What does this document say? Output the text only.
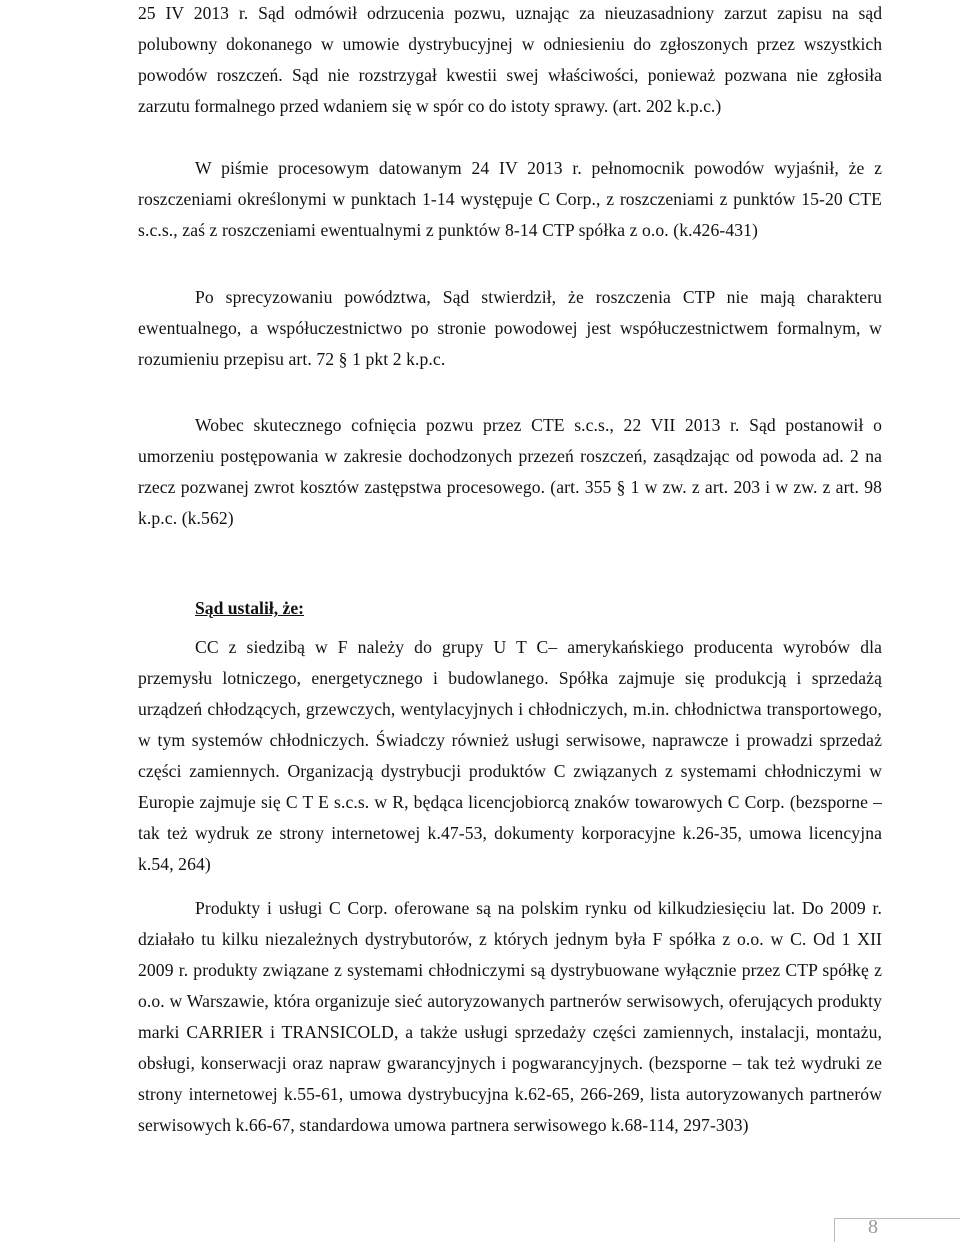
25 IV 2013 r. Sąd odmówił odrzucenia pozwu, uznając za nieuzasadniony zarzut zapisu na sąd polubowny dokonanego w umowie dystrybucyjnej w odniesieniu do zgłoszonych przez wszystkich powodów roszczeń. Sąd nie rozstrzygał kwestii swej właściwości, ponieważ pozwana nie zgłosiła zarzutu formalnego przed wdaniem się w spór co do istoty sprawy. (art. 202 k.p.c.)

W piśmie procesowym datowanym 24 IV 2013 r. pełnomocnik powodów wyjaśnił, że z roszczeniami określonymi w punktach 1-14 występuje C Corp., z roszczeniami z punktów 15-20 CTE s.c.s., zaś z roszczeniami ewentualnymi z punktów 8-14 CTP spółka z o.o. (k.426-431)

Po sprecyzowaniu powództwa, Sąd stwierdził, że roszczenia CTP nie mają charakteru ewentualnego, a współuczestnictwo po stronie powodowej jest współuczestnictwem formalnym, w rozumieniu przepisu art. 72 § 1 pkt 2 k.p.c.

Wobec skutecznego cofnięcia pozwu przez CTE s.c.s., 22 VII 2013 r. Sąd postanowił o umorzeniu postępowania w zakresie dochodzonych przezeń roszczeń, zasądzając od powoda ad. 2 na rzecz pozwanej zwrot kosztów zastępstwa procesowego. (art. 355 § 1 w zw. z art. 203 i w zw. z art. 98 k.p.c. (k.562)

Sąd ustalił, że:

CC z siedzibą w F należy do grupy U T C– amerykańskiego producenta wyrobów dla przemysłu lotniczego, energetycznego i budowlanego. Spółka zajmuje się produkcją i sprzedażą urządzeń chłodzących, grzewczych, wentylacyjnych i chłodniczych, m.in. chłodnictwa transportowego, w tym systemów chłodniczych. Świadczy również usługi serwisowe, naprawcze i prowadzi sprzedaż części zamiennych. Organizacją dystrybucji produktów C związanych z systemami chłodniczymi w Europie zajmuje się C T E s.c.s. w R, będąca licencjobiorcą znaków towarowych C Corp. (bezsporne – tak też wydruk ze strony internetowej k.47-53, dokumenty korporacyjne k.26-35, umowa licencyjna k.54, 264)

Produkty i usługi C Corp. oferowane są na polskim rynku od kilkudziesięciu lat. Do 2009 r. działało tu kilku niezależnych dystrybutorów, z których jednym była F spółka z o.o. w C. Od 1 XII 2009 r. produkty związane z systemami chłodniczymi są dystrybuowane wyłącznie przez CTP spółkę z o.o. w Warszawie, która organizuje sieć autoryzowanych partnerów serwisowych, oferujących produkty marki CARRIER i TRANSICOLD, a także usługi sprzedaży części zamiennych, instalacji, montażu, obsługi, konserwacji oraz napraw gwarancyjnych i pogwarancyjnych. (bezsporne – tak też wydruki ze strony internetowej k.55-61, umowa dystrybucyjna k.62-65, 266-269, lista autoryzowanych partnerów serwisowych k.66-67, standardowa umowa partnera serwisowego k.68-114, 297-303)

8
